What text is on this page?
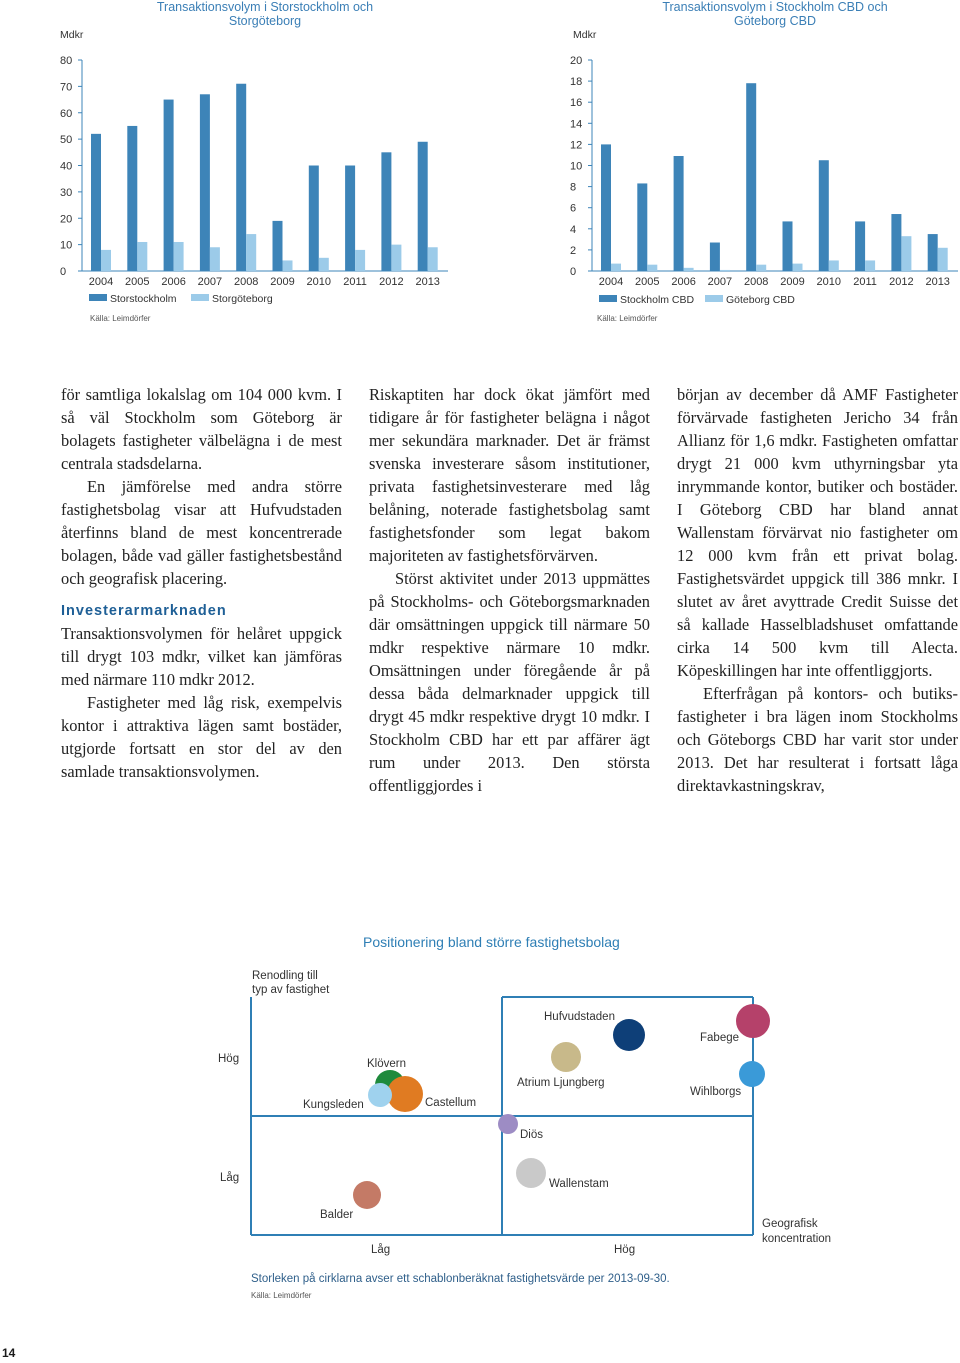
Mdkr
Transaktionsvolym i Storstockholm och Storgöteborg
0
10
20
30
40
50
60
70
80
2004 2005 2006 2007 2008 2009 2010 2011 2012 2013
Storstockholm	Storgöteborg
Källa: Leimdörfer
Mdkr
Transaktionsvolym i Stockholm CBD och Göteborg CBD
0
2
4
6
8
10
12
14
16
18
20
2004 2005 2006 2007 2008 2009 2010 2011 2012 2013
Stockholm CBD	Göteborg CBD
Källa: Leimdörfer

för samtliga lokalslag om 104 000 kvm. I så väl Stockholm som Göteborg är bolagets fastigheter välbelägna i de mest centrala stadsdelarna.

En jämförelse med andra större fastighetsbolag visar att Hufvudstaden återfinns bland de mest koncentrerade bolagen, både vad gäller fastighetsbestånd och geografisk placering.

Investerarmarknaden

Transaktionsvolymen för helåret uppgick till drygt 103 mdkr, vilket kan jämföras med närmare 110 mdkr 2012.

Fastigheter med låg risk, exempelvis kontor i attraktiva lägen samt bostäder, utgjorde fortsatt en stor del av den samlade transaktionsvolymen.

Riskaptiten har dock ökat jämfört med tidigare år för fastigheter belägna i något mer sekundära marknader. Det är främst svenska investerare såsom institutioner, privata fastighetsinvesterare med låg belåning, noterade fastighetsbolag samt fastighetsfonder som legat bakom majoriteten av fastighetsförvärven.

Störst aktivitet under 2013 uppmättes på Stockholms- och Göteborgsmarknaden där omsättningen uppgick till närmare 50 mdkr respektive närmare 10 mdkr. Omsättningen under föregående år på dessa båda delmarknader uppgick till drygt 45 mdkr respektive drygt 10 mdkr. I Stockholm CBD har ett par affärer ägt rum under 2013. Den största offentliggjordes i

början av december då AMF Fastigheter förvärvade fastigheten Jericho 34 från Allianz för 1,6 mdkr. Fastigheten omfattar drygt 21 000 kvm uthyrningsbar yta inrymmande kontor, butiker och bostäder. I Göteborg CBD har bland annat Wallenstam förvärvat nio fastigheter om 12 000 kvm från ett privat bolag. Fastighetsvärdet uppgick till 386 mnkr. I slutet av året avyttrade Credit Suisse det så kallade Hasselbladshuset omfattande cirka 14 500 kvm till Alecta. Köpeskillingen har inte offentliggjorts.

Efterfrågan på kontors- och butiksfastigheter i bra lägen inom Stockholms och Göteborgs CBD har varit stor under 2013. Det har resulterat i fortsatt låga direktavkastningskrav,

Positionering bland större fastighetsbolag
Renodling till
typ av fastighet
Hög
Låg
Låg	Hög
Geografisk
koncentration
Hufvudstaden
Fabege
Klövern
Atrium Ljungberg
Wihlborgs
Kungsleden	Castellum
Diös
Wallenstam
Balder
Storleken på cirklarna avser ett schablonberäknat fastighetsvärde per 2013-09-30.
Källa: Leimdörfer
14
